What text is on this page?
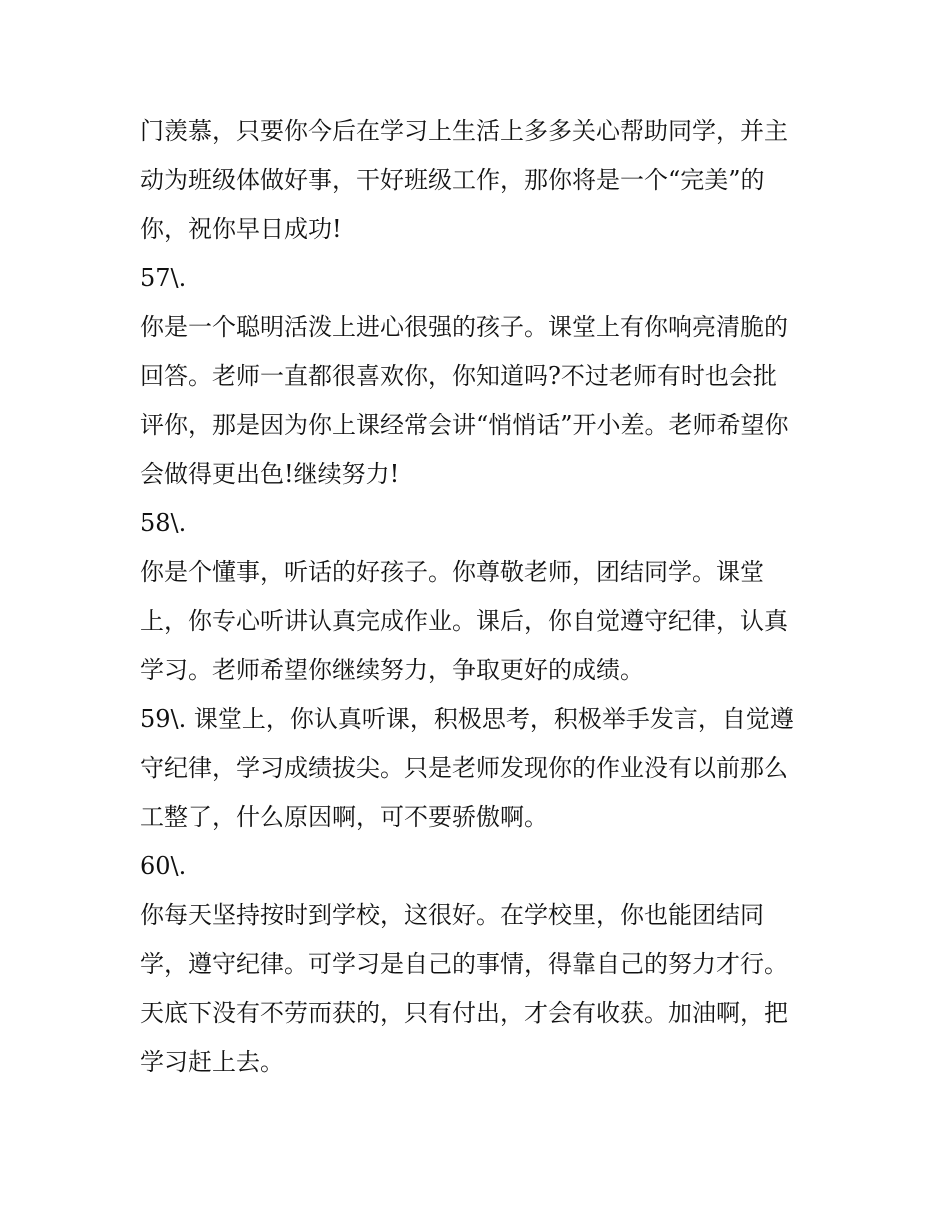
门羡慕，只要你今后在学习上生活上多多关心帮助同学，并主
动为班级体做好事，干好班级工作，那你将是一个“完美”的
你，祝你早日成功!
57\.
你是一个聪明活泼上进心很强的孩子。课堂上有你响亮清脆的
回答。老师一直都很喜欢你，你知道吗?不过老师有时也会批
评你，那是因为你上课经常会讲“悄悄话”开小差。老师希望你
会做得更出色!继续努力!
58\.
你是个懂事，听话的好孩子。你尊敬老师，团结同学。课堂
上，你专心听讲认真完成作业。课后，你自觉遵守纪律，认真
学习。老师希望你继续努力，争取更好的成绩。
59\. 课堂上，你认真听课，积极思考，积极举手发言，自觉遵
守纪律，学习成绩拔尖。只是老师发现你的作业没有以前那么
工整了，什么原因啊，可不要骄傲啊。
60\.
你每天坚持按时到学校，这很好。在学校里，你也能团结同
学，遵守纪律。可学习是自己的事情，得靠自己的努力才行。
天底下没有不劳而获的，只有付出，才会有收获。加油啊，把
学习赶上去。
